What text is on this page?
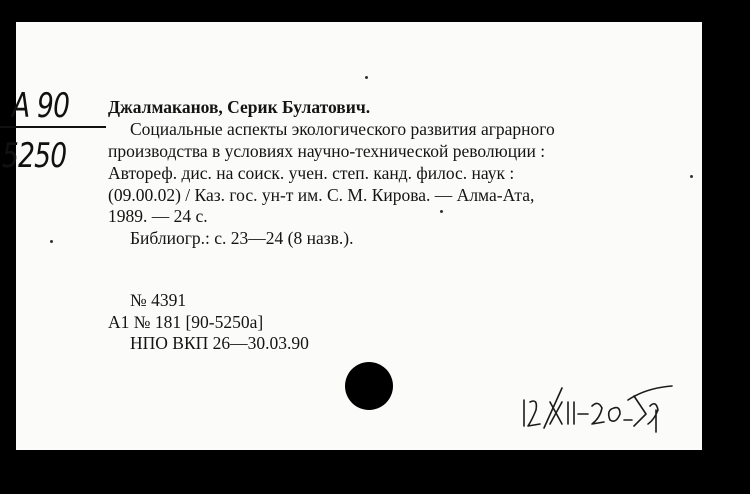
A 90
5250
Джалмаканов, Серик Булатович.
Социальные аспекты экологического развития аграрного
производства в условиях научно-технической революции :
Автореф. дис. на соиск. учен. степ. канд. филос. наук :
(09.00.02) / Каз. гос. ун-т им. С. М. Кирова. — Алма-Ата,
1989. — 24 с.
Библиогр.: с. 23—24 (8 назв.).
№ 4391
А1 № 181 [90-5250а]
НПО ВКП 26—30.03.90
